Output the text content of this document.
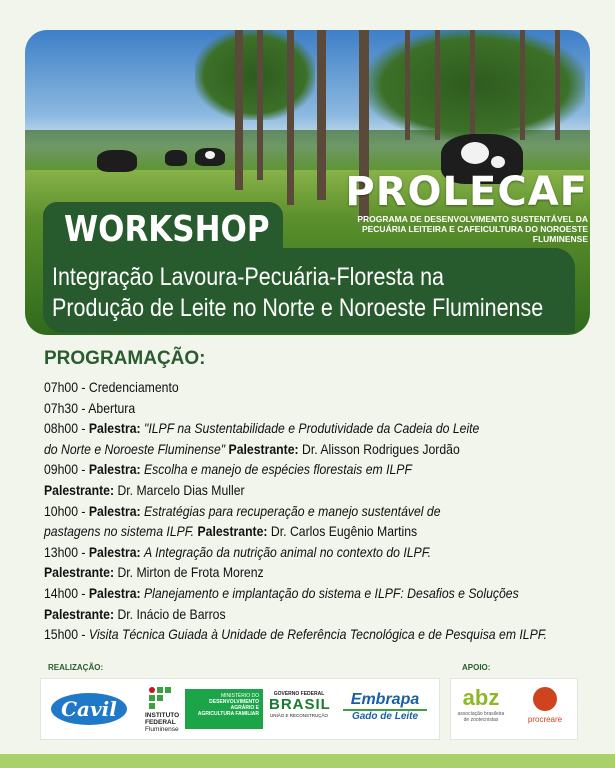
PROLECAF
PROGRAMA DE DESENVOLVIMENTO SUSTENTÁVEL DA
PECUÁRIA LEITEIRA E CAFEICULTURA DO NOROESTE FLUMINENSE
WORKSHOP
Integração Lavoura-Pecuária-Floresta na
Produção de Leite no Norte e Noroeste Fluminense
PROGRAMAÇÃO:
07h00 - Credenciamento
07h30 - Abertura
08h00 - Palestra: "ILPF na Sustentabilidade e Produtividade da Cadeia do Leite
do Norte e Noroeste Fluminense" Palestrante: Dr. Alisson Rodrigues Jordão
09h00 - Palestra: Escolha e manejo de espécies florestais em ILPF
Palestrante: Dr. Marcelo Dias Muller
10h00 - Palestra: Estratégias para recuperação e manejo sustentável de
pastagens no sistema ILPF. Palestrante: Dr. Carlos Eugênio Martins
13h00 - Palestra: A Integração da nutrição animal no contexto do ILPF.
Palestrante: Dr. Mirton de Frota Morenz
14h00 - Palestra: Planejamento e implantação do sistema e ILPF: Desafios e Soluções
Palestrante: Dr. Inácio de Barros
15h00 - Visita Técnica Guiada à Unidade de Referência Tecnológica e de Pesquisa em ILPF.
REALIZAÇÃO:	APOIO:
Cavil	INSTITUTO
FEDERAL
Fluminense
MINISTÉRIO DO
DESENVOLVIMENTO
AGRÁRIO E
AGRICULTURA FAMILIAR
GOVERNO FEDERAL
BRASIL
UNIÃO E RECONSTRUÇÃO
Embrapa
Gado de Leite
abz
associação brasileira
de zootecnistas	procreare
